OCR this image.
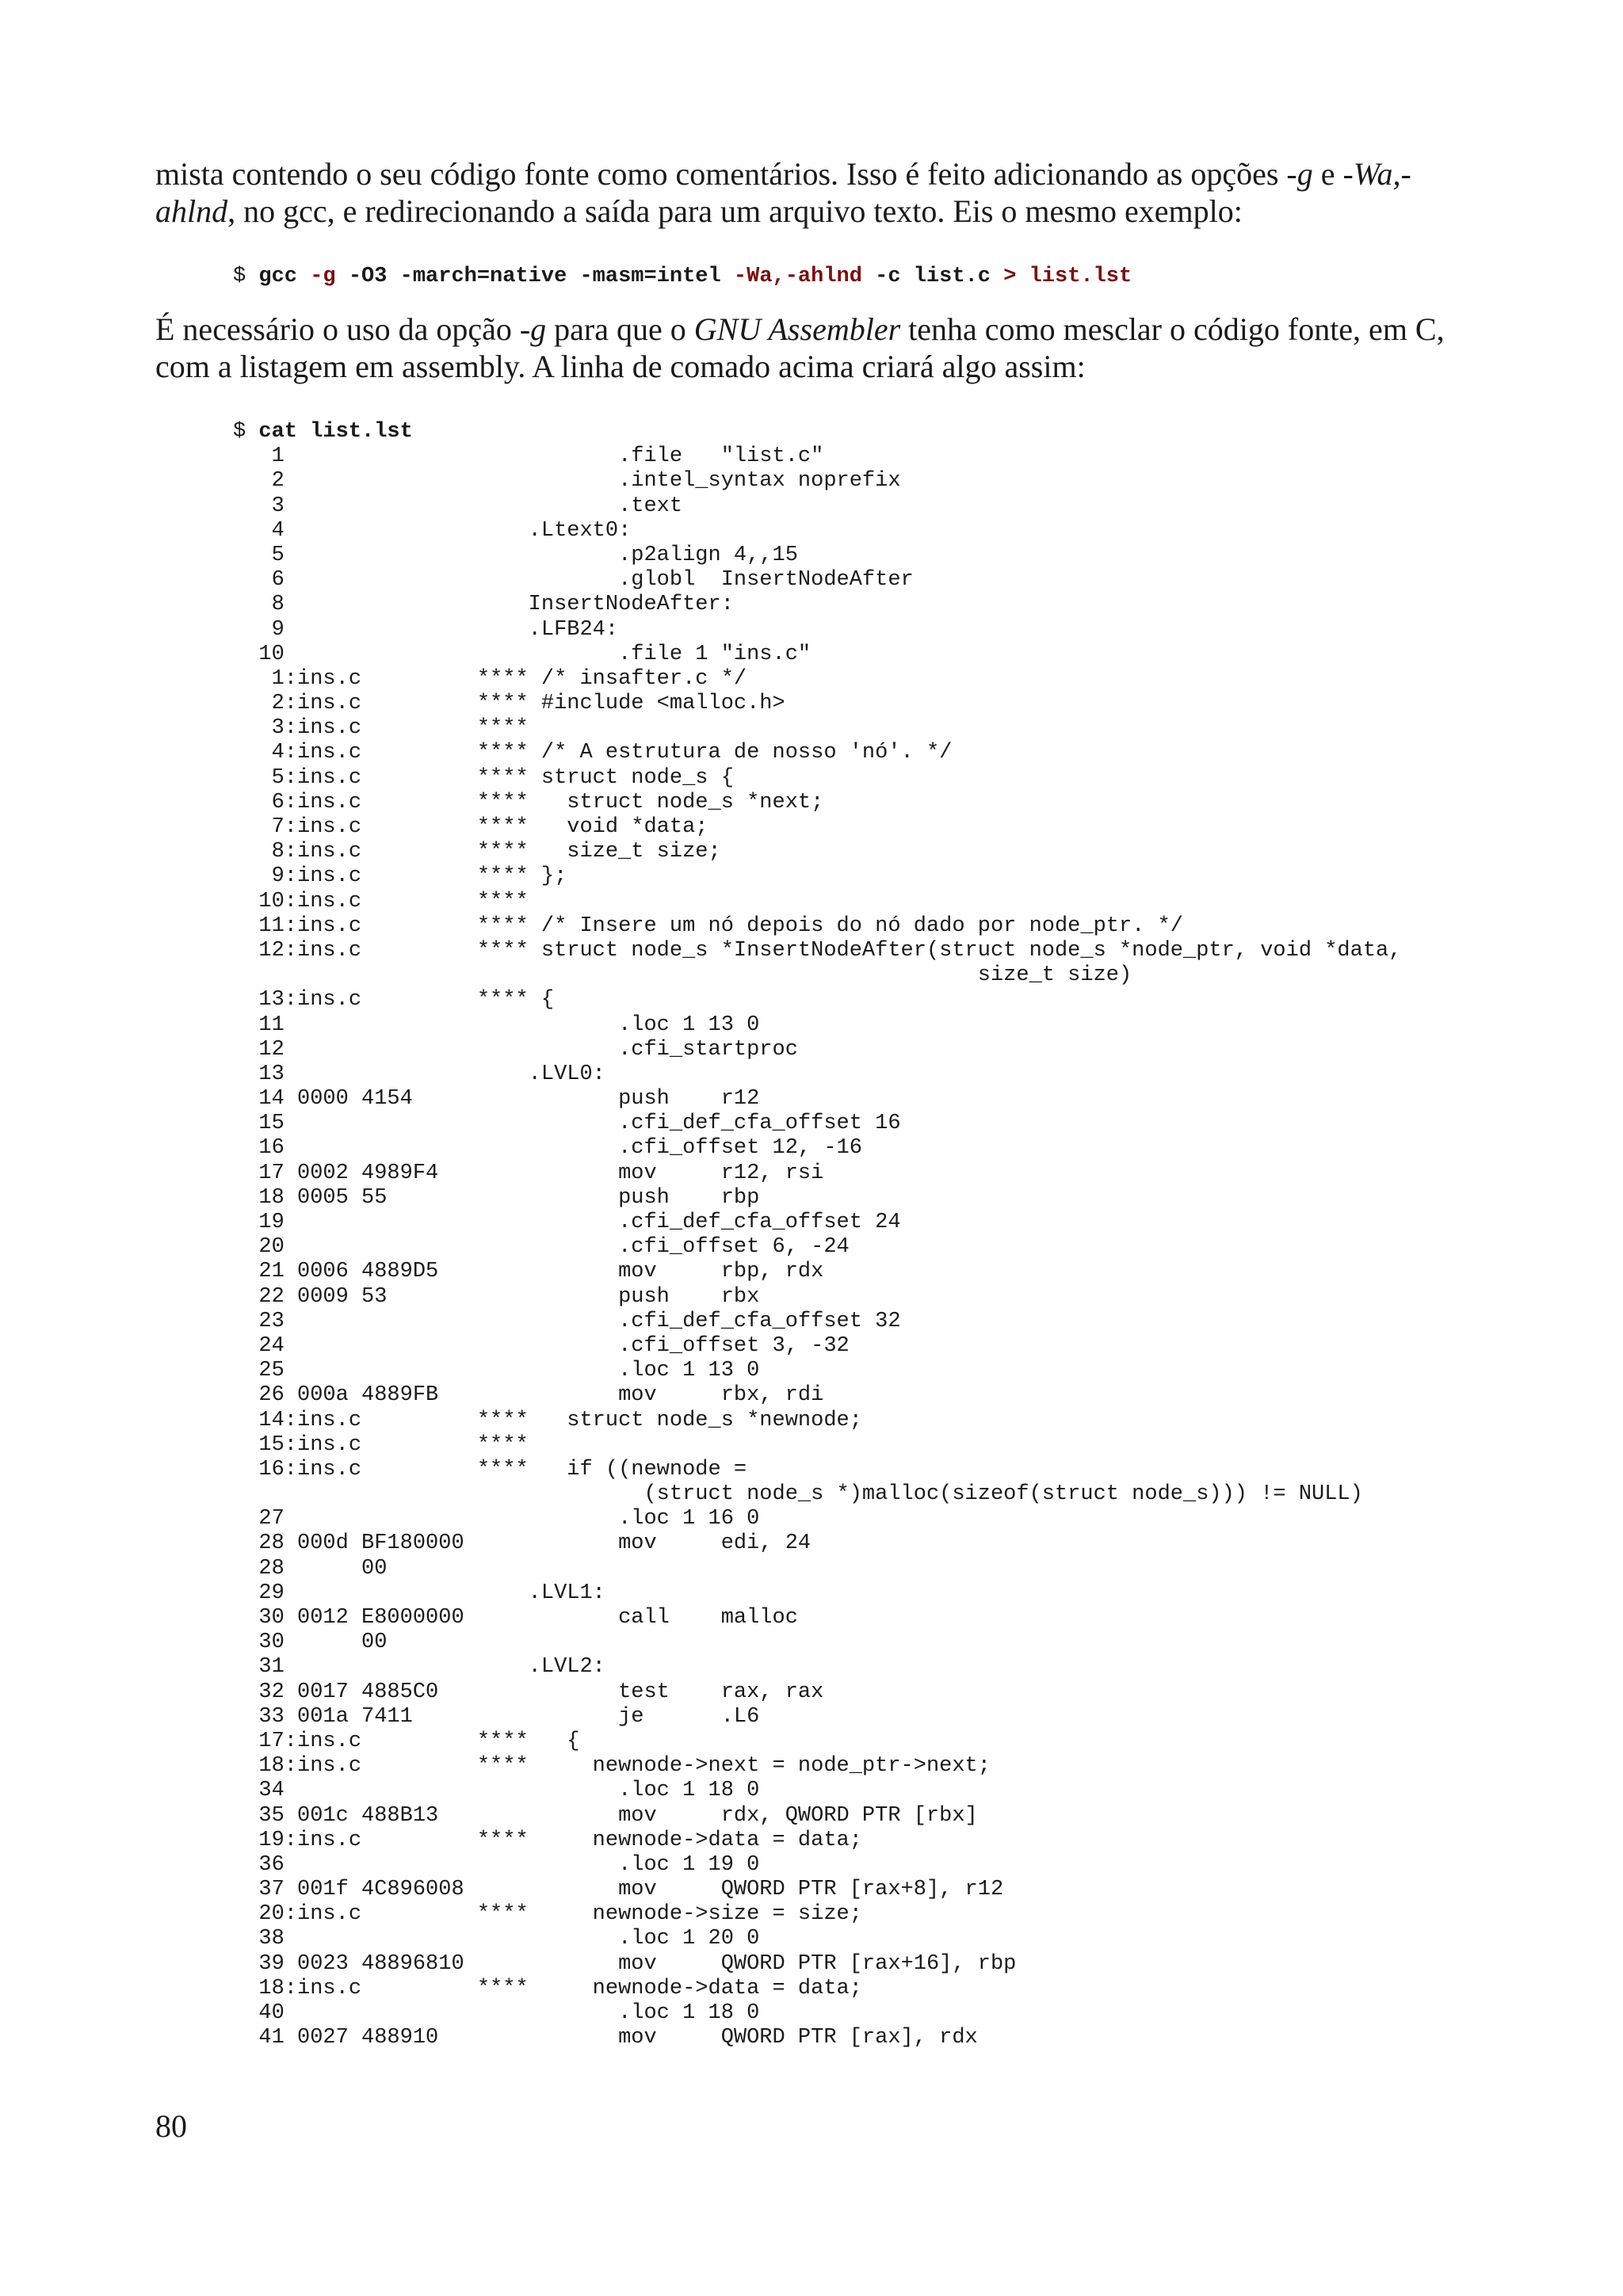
mista contendo o seu código fonte como comentários. Isso é feito adicionando as opções -g e -Wa,-ahlnd, no gcc, e redirecionando a saída para um arquivo texto. Eis o mesmo exemplo:

$ gcc -g -O3 -march=native -masm=intel -Wa,-ahlnd -c list.c > list.lst

É necessário o uso da opção -g para que o GNU Assembler tenha como mesclar o código fonte, em C, com a listagem em assembly. A linha de comado acima criará algo assim:

$ cat list.lst
1                          .file   "list.c"
2                          .intel_syntax noprefix
3                          .text
4                   .Ltext0:
5                          .p2align 4,,15
6                          .globl  InsertNodeAfter
8                   InsertNodeAfter:
9                   .LFB24:
10                          .file 1 "ins.c"
1:ins.c         **** /* insafter.c */
2:ins.c         **** #include <malloc.h>
3:ins.c         ****
4:ins.c         **** /* A estrutura de nosso 'nó'. */
5:ins.c         **** struct node_s {
6:ins.c         ****   struct node_s *next;
7:ins.c         ****   void *data;
8:ins.c         ****   size_t size;
9:ins.c         **** };
10:ins.c         ****
11:ins.c         **** /* Insere um nó depois do nó dado por node_ptr. */
12:ins.c         **** struct node_s *InsertNodeAfter(struct node_s *node_ptr, void *data,
size_t size)
13:ins.c         **** {
11                          .loc 1 13 0
12                          .cfi_startproc
13                   .LVL0:
14 0000 4154                push    r12
15                          .cfi_def_cfa_offset 16
16                          .cfi_offset 12, -16
17 0002 4989F4              mov     r12, rsi
18 0005 55                  push    rbp
19                          .cfi_def_cfa_offset 24
20                          .cfi_offset 6, -24
21 0006 4889D5              mov     rbp, rdx
22 0009 53                  push    rbx
23                          .cfi_def_cfa_offset 32
24                          .cfi_offset 3, -32
25                          .loc 1 13 0
26 000a 4889FB              mov     rbx, rdi
14:ins.c         ****   struct node_s *newnode;
15:ins.c         ****
16:ins.c         ****   if ((newnode =
(struct node_s *)malloc(sizeof(struct node_s))) != NULL)
27                          .loc 1 16 0
28 000d BF180000            mov     edi, 24
28      00
29                   .LVL1:
30 0012 E8000000            call    malloc
30      00
31                   .LVL2:
32 0017 4885C0              test    rax, rax
33 001a 7411                je      .L6
17:ins.c         ****   {
18:ins.c         ****     newnode->next = node_ptr->next;
34                          .loc 1 18 0
35 001c 488B13              mov     rdx, QWORD PTR [rbx]
19:ins.c         ****     newnode->data = data;
36                          .loc 1 19 0
37 001f 4C896008            mov     QWORD PTR [rax+8], r12
20:ins.c         ****     newnode->size = size;
38                          .loc 1 20 0
39 0023 48896810            mov     QWORD PTR [rax+16], rbp
18:ins.c         ****     newnode->data = data;
40                          .loc 1 18 0
41 0027 488910              mov     QWORD PTR [rax], rdx
80
